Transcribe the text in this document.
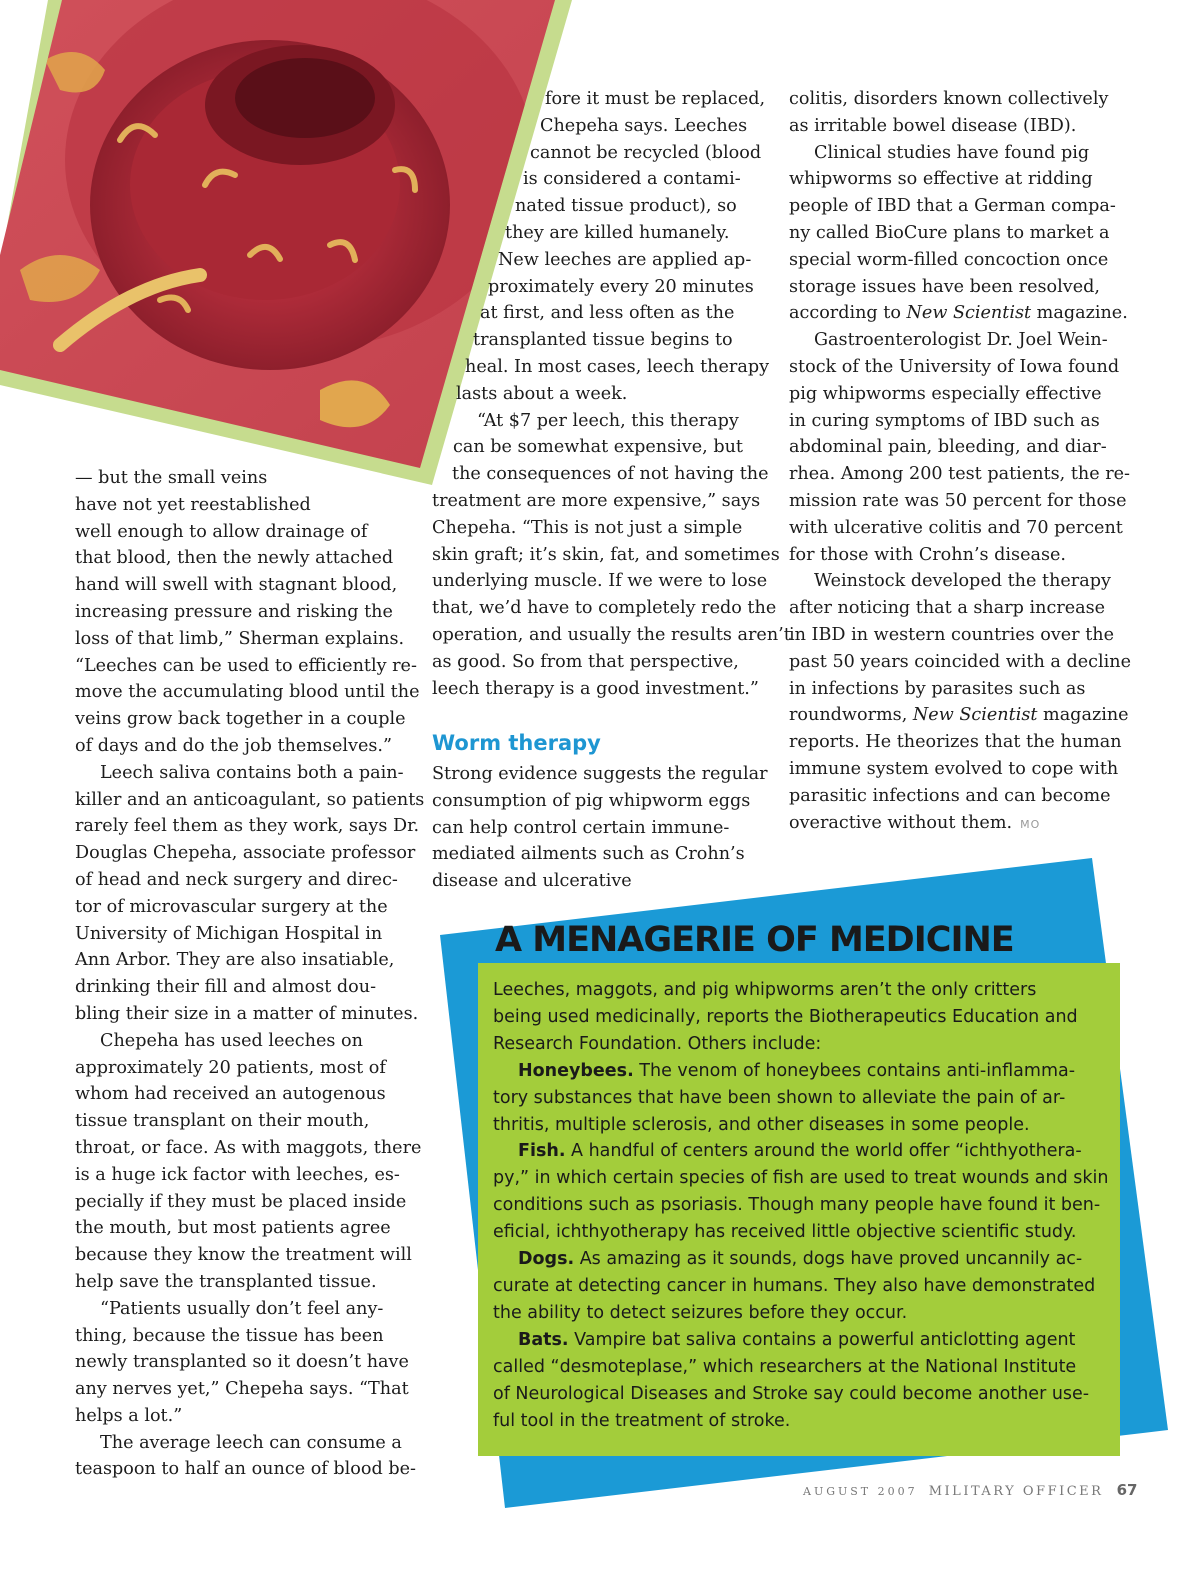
— but the small veins
have not yet reestablished
well enough to allow drainage of
that blood, then the newly attached
hand will swell with stagnant blood,
increasing pressure and risking the
loss of that limb,” Sherman explains.
“Leeches can be used to efficiently re-
move the accumulating blood until the
veins grow back together in a couple
of days and do the job themselves.”

Leech saliva contains both a pain-
killer and an anticoagulant, so patients
rarely feel them as they work, says Dr.
Douglas Chepeha, associate professor
of head and neck surgery and direc-
tor of microvascular surgery at the
University of Michigan Hospital in
Ann Arbor. They are also insatiable,
drinking their fill and almost dou-
bling their size in a matter of minutes.

Chepeha has used leeches on
approximately 20 patients, most of
whom had received an autogenous
tissue transplant on their mouth,
throat, or face. As with maggots, there
is a huge ick factor with leeches, es-
pecially if they must be placed inside
the mouth, but most patients agree
because they know the treatment will
help save the transplanted tissue.

“Patients usually don’t feel any-
thing, because the tissue has been
newly transplanted so it doesn’t have
any nerves yet,” Chepeha says. “That
helps a lot.”

The average leech can consume a
teaspoon to half an ounce of blood be-

fore it must be replaced,
Chepeha says. Leeches
cannot be recycled (blood
is considered a contami-
nated tissue product), so
they are killed humanely.
New leeches are applied ap-
proximately every 20 minutes
at first, and less often as the
transplanted tissue begins to
heal. In most cases, leech therapy
lasts about a week.

“At $7 per leech, this therapy
can be somewhat expensive, but
the consequences of not having the
treatment are more expensive,” says
Chepeha. “This is not just a simple
skin graft; it’s skin, fat, and sometimes
underlying muscle. If we were to lose
that, we’d have to completely redo the
operation, and usually the results aren’t
as good. So from that perspective,
leech therapy is a good investment.”

Worm therapy

Strong evidence suggests the regular
consumption of pig whipworm eggs
can help control certain immune-
mediated ailments such as Crohn’s
disease and ulcerative

colitis, disorders known collectively
as irritable bowel disease (IBD).

Clinical studies have found pig
whipworms so effective at ridding
people of IBD that a German compa-
ny called BioCure plans to market a
special worm-filled concoction once
storage issues have been resolved,
according to New Scientist magazine.

Gastroenterologist Dr. Joel Wein-
stock of the University of Iowa found
pig whipworms especially effective
in curing symptoms of IBD such as
abdominal pain, bleeding, and diar-
rhea. Among 200 test patients, the re-
mission rate was 50 percent for those
with ulcerative colitis and 70 percent
for those with Crohn’s disease.

Weinstock developed the therapy
after noticing that a sharp increase
in IBD in western countries over the
past 50 years coincided with a decline
in infections by parasites such as
roundworms, New Scientist magazine
reports. He theorizes that the human
immune system evolved to cope with
parasitic infections and can become
overactive without them. MO

A MENAGERIE OF MEDICINE

Leeches, maggots, and pig whipworms aren’t the only critters
being used medicinally, reports the Biotherapeutics Education and
Research Foundation. Others include:

Honeybees. The venom of honeybees contains anti-inflamma-
tory substances that have been shown to alleviate the pain of ar-
thritis, multiple sclerosis, and other diseases in some people.

Fish. A handful of centers around the world offer “ichthyothera-
py,” in which certain species of fish are used to treat wounds and skin
conditions such as psoriasis. Though many people have found it ben-
eficial, ichthyotherapy has received little objective scientific study.

Dogs. As amazing as it sounds, dogs have proved uncannily ac-
curate at detecting cancer in humans. They also have demonstrated
the ability to detect seizures before they occur.

Bats. Vampire bat saliva contains a powerful anticlotting agent
called “desmoteplase,” which researchers at the National Institute
of Neurological Diseases and Stroke say could become another use-
ful tool in the treatment of stroke.

AUGUST 2007 MILITARY OFFICER 67
